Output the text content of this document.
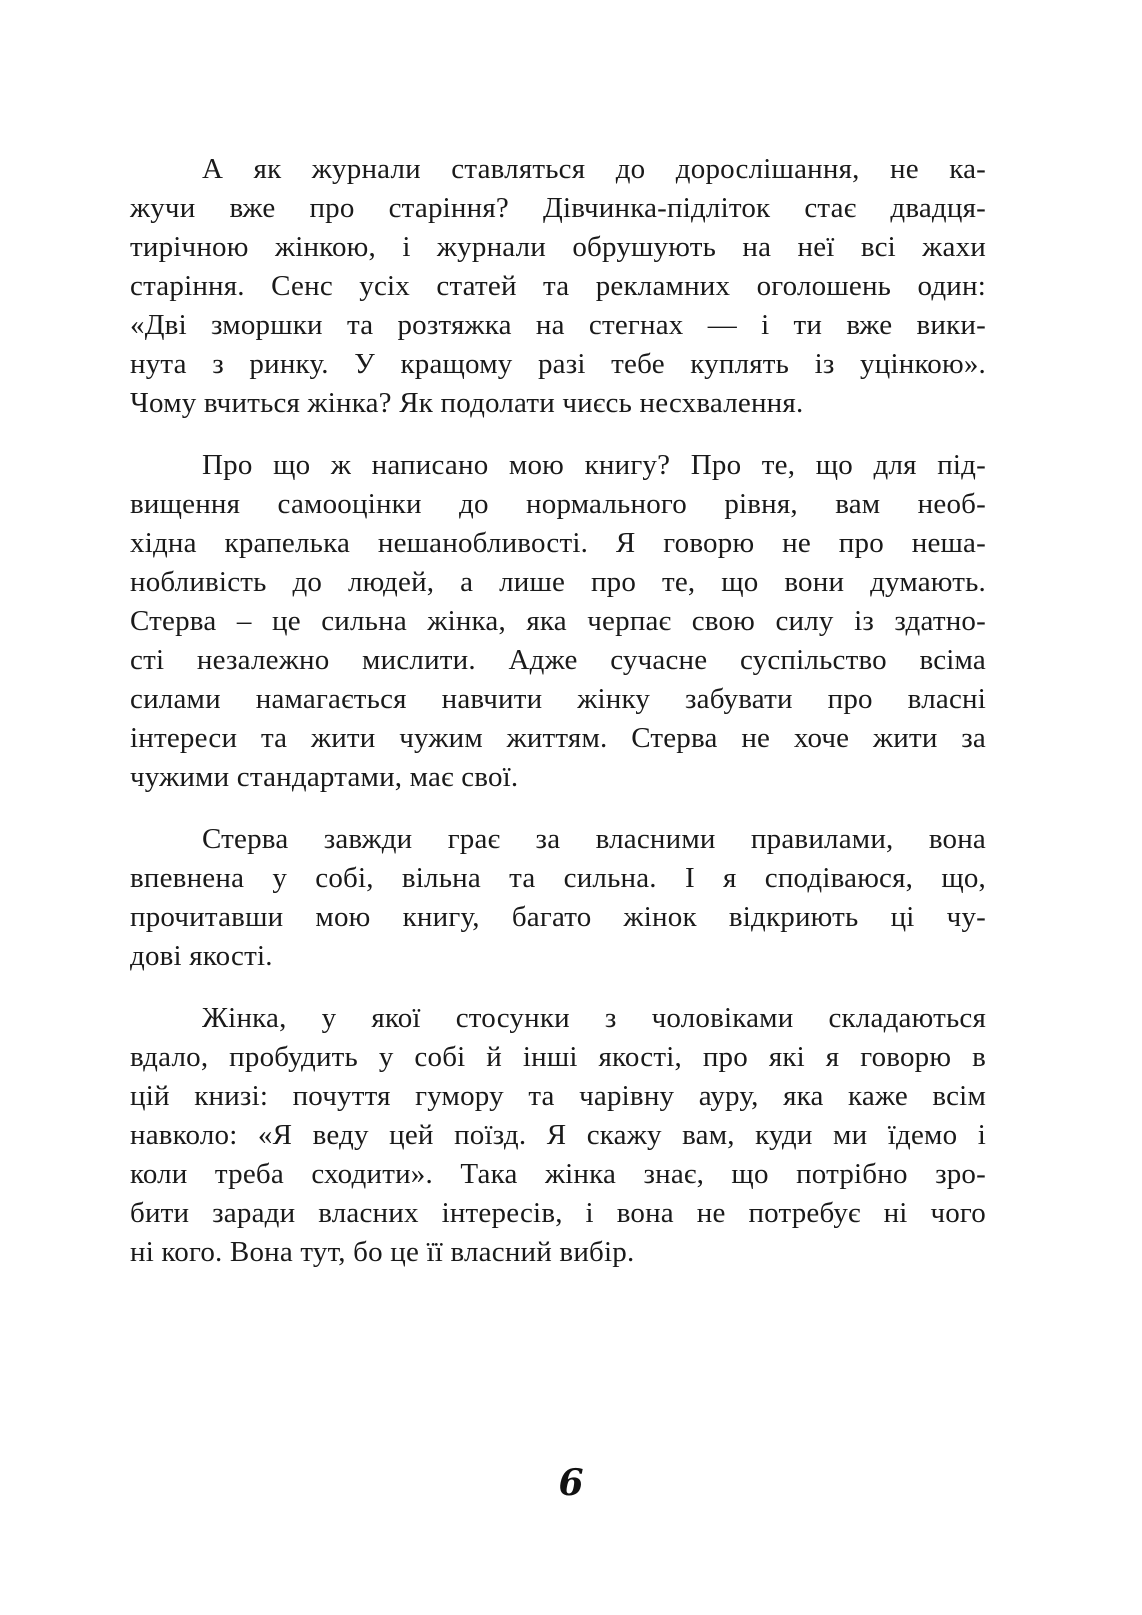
А як журнали ставляться до дорослішання, не ка-
жучи вже про старіння? Дівчинка-підліток стає двадця-
тирічною жінкою, і журнали обрушують на неї всі жахи
старіння. Сенс усіх статей та рекламних оголошень один:
«Дві зморшки та розтяжка на стегнах — і ти вже вики-
нута з ринку. У кращому разі тебе куплять із уцінкою».
Чому вчиться жінка? Як подолати чиєсь несхвалення.
Про що ж написано мою книгу? Про те, що для під-
вищення самооцінки до нормального рівня, вам необ-
хідна крапелька нешанобливості. Я говорю не про неша-
нобливість до людей, а лише про те, що вони думають.
Стерва – це сильна жінка, яка черпає свою силу із здатно-
сті незалежно мислити. Адже сучасне суспільство всіма
силами намагається навчити жінку забувати про власні
інтереси та жити чужим життям. Стерва не хоче жити за
чужими стандартами, має свої.
Стерва завжди грає за власними правилами, вона
впевнена у собі, вільна та сильна. І я сподіваюся, що,
прочитавши мою книгу, багато жінок відкриють ці чу-
дові якості.
Жінка, у якої стосунки з чоловіками складаються
вдало, пробудить у собі й інші якості, про які я говорю в
цій книзі: почуття гумору та чарівну ауру, яка каже всім
навколо: «Я веду цей поїзд. Я скажу вам, куди ми їдемо і
коли треба сходити». Така жінка знає, що потрібно зро-
бити заради власних інтересів, і вона не потребує ні чого
ні кого. Вона тут, бо це її власний вибір.
6
